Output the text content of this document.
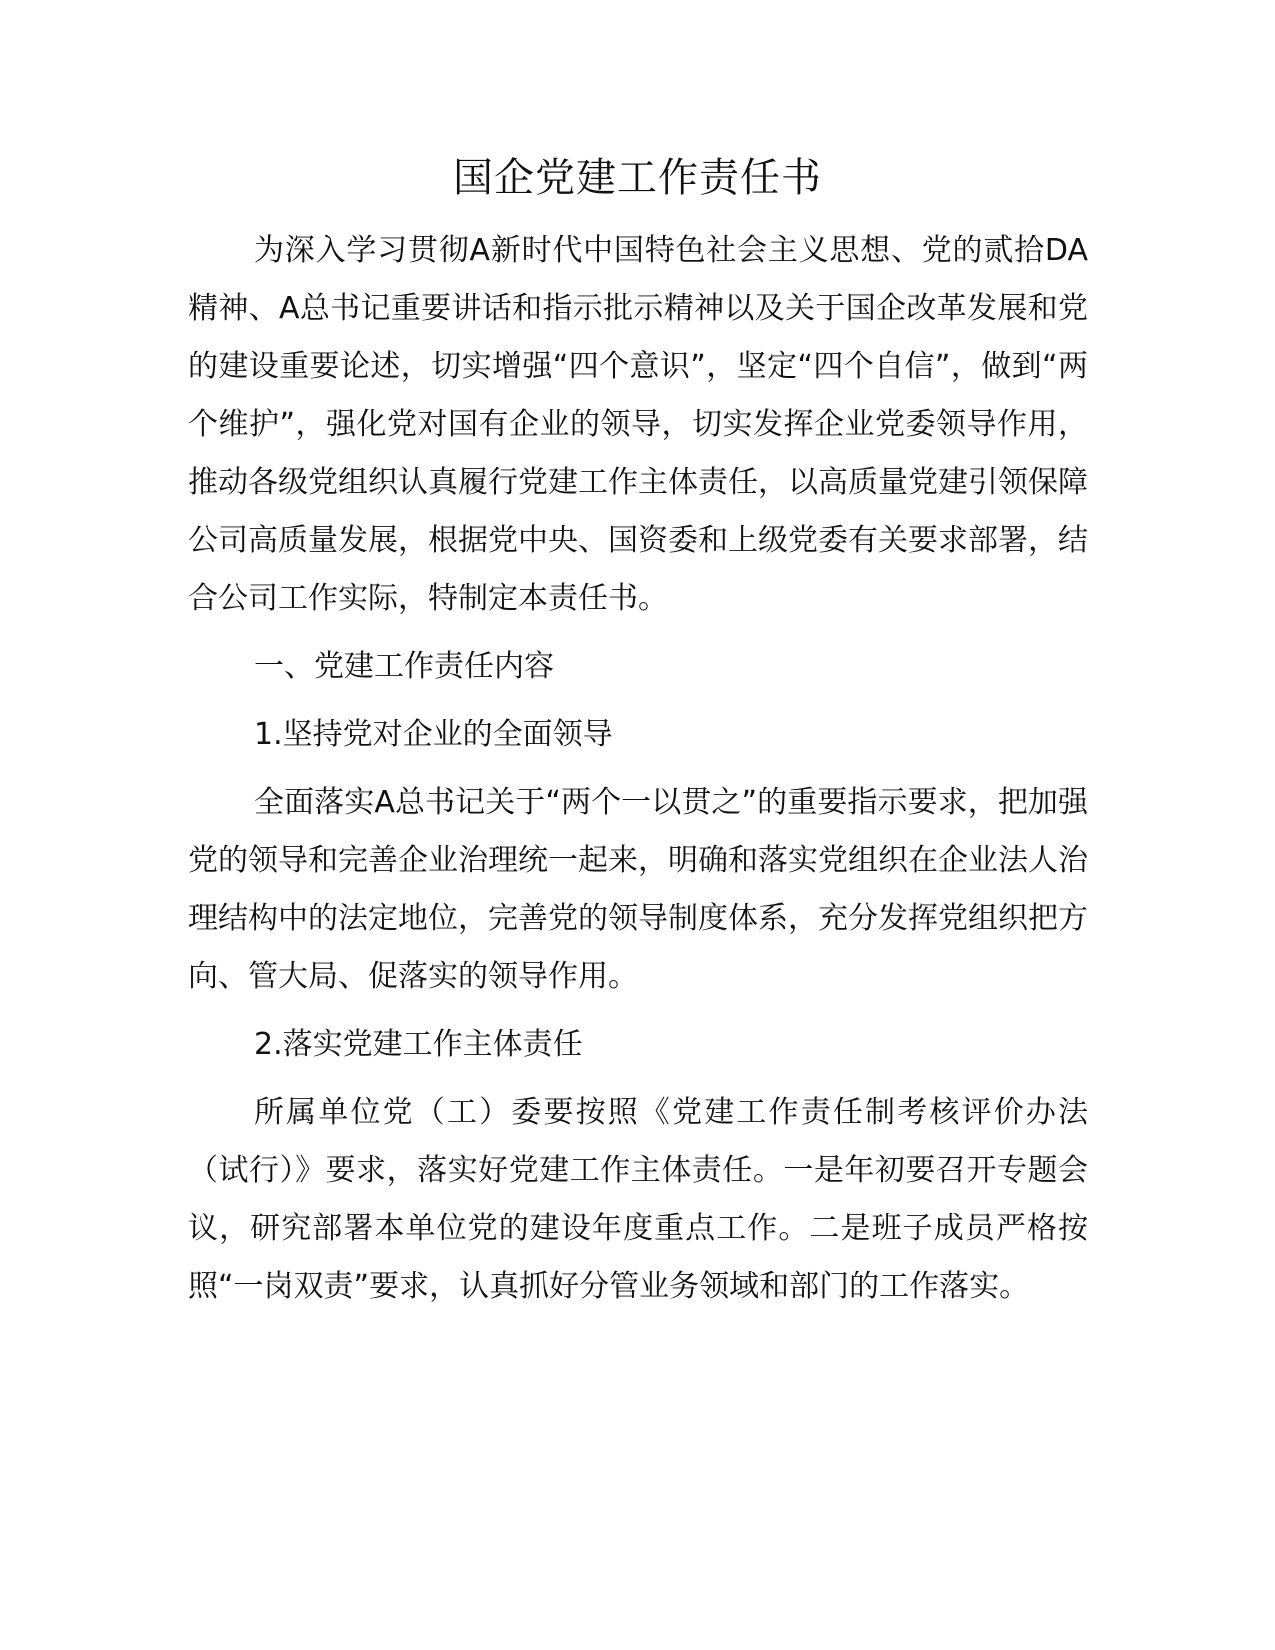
国企党建工作责任书

为深入学习贯彻A新时代中国特色社会主义思想、党的贰拾DA精神、A总书记重要讲话和指示批示精神以及关于国企改革发展和党的建设重要论述，切实增强“四个意识”，坚定“四个自信”，做到“两个维护”，强化党对国有企业的领导，切实发挥企业党委领导作用，推动各级党组织认真履行党建工作主体责任，以高质量党建引领保障公司高质量发展，根据党中央、国资委和上级党委有关要求部署，结合公司工作实际，特制定本责任书。

一、党建工作责任内容

1.坚持党对企业的全面领导

全面落实A总书记关于“两个一以贯之”的重要指示要求，把加强党的领导和完善企业治理统一起来，明确和落实党组织在企业法人治理结构中的法定地位，完善党的领导制度体系，充分发挥党组织把方向、管大局、促落实的领导作用。

2.落实党建工作主体责任

所属单位党（工）委要按照《党建工作责任制考核评价办法（试行）》要求，落实好党建工作主体责任。一是年初要召开专题会议，研究部署本单位党的建设年度重点工作。二是班子成员严格按照“一岗双责”要求，认真抓好分管业务领域和部门的工作落实。
